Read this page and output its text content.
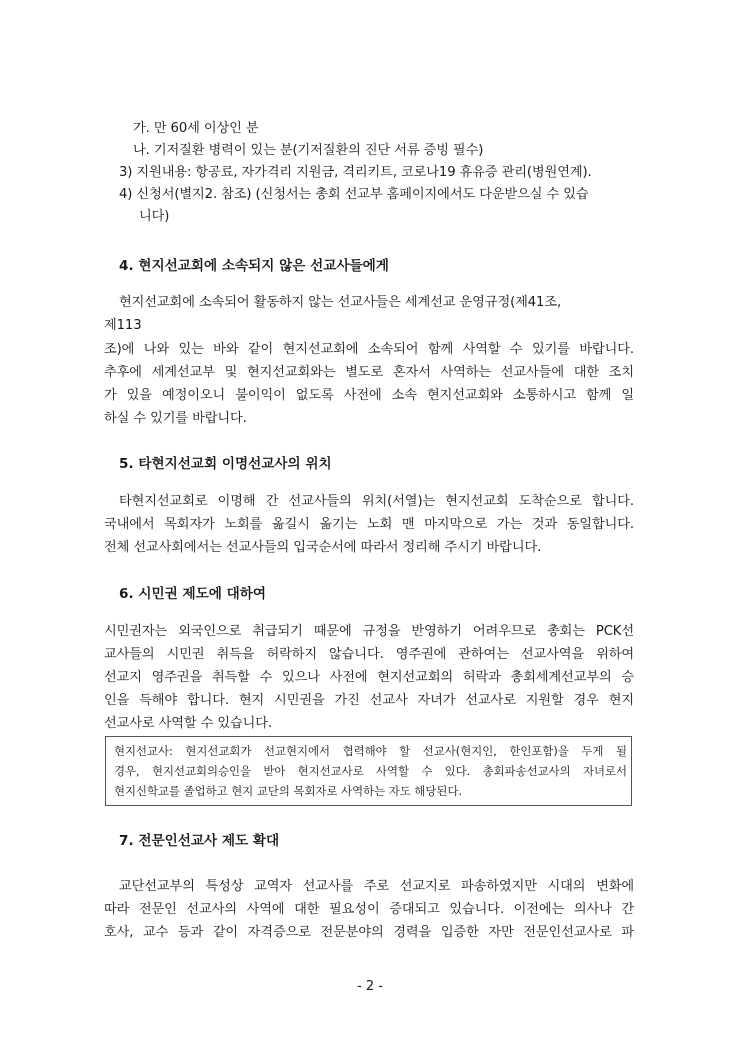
가. 만 60세 이상인 분
나. 기저질환 병력이 있는 분(기저질환의 진단 서류 증빙 필수)
3) 지원내용: 항공료, 자가격리 지원금, 격리키트, 코로나19 휴유증 관리(병원연계).
4) 신청서(별지2. 참조) (신청서는 총회 선교부 홈페이지에서도 다운받으실 수 있습
니다)
4. 현지선교회에 소속되지 않은 선교사들에게
현지선교회에 소속되어 활동하지 않는 선교사들은 세계선교 운영규정(제41조,
제113
조)에 나와 있는 바와 같이 현지선교회에 소속되어 함께 사역할 수 있기를 바랍니다.
추후에 세계선교부 및 현지선교회와는 별도로 혼자서 사역하는 선교사들에 대한 조치
가 있을 예정이오니 불이익이 없도록 사전에 소속 현지선교회와 소통하시고 함께 일
하실 수 있기를 바랍니다.
5. 타현지선교회 이명선교사의 위치
타현지선교회로 이명해 간 선교사들의 위치(서열)는 현지선교회 도착순으로 합니다.
국내에서 목회자가 노회를 옮길시 옮기는 노회 맨 마지막으로 가는 것과 동일합니다.
전체 선교사회에서는 선교사들의 입국순서에 따라서 정리해 주시기 바랍니다.
6. 시민권 제도에 대하여
시민권자는 외국인으로 취급되기 때문에 규정을 반영하기 어려우므로 총회는 PCK선
교사들의 시민권 취득을 허락하지 않습니다. 영주권에 관하여는 선교사역을 위하여
선교지 영주권을 취득할 수 있으나 사전에 현지선교회의 허락과 총회세계선교부의 승
인을 득해야 합니다. 현지 시민권을 가진 선교사 자녀가 선교사로 지원할 경우 현지
선교사로 사역할 수 있습니다.
현지선교사: 현지선교회가 선교현지에서 협력해야 할 선교사(현지인, 한인포함)을 두게 될
경우, 현지선교회의승인을 받아 현지선교사로 사역할 수 있다. 총회파송선교사의 자녀로서
현지신학교를 졸업하고 현지 교단의 목회자로 사역하는 자도 해당된다.
7. 전문인선교사 제도 확대
교단선교부의 특성상 교역자 선교사를 주로 선교지로 파송하였지만 시대의 변화에
따라 전문인 선교사의 사역에 대한 필요성이 증대되고 있습니다. 이전에는 의사나 간
호사, 교수 등과 같이 자격증으로 전문분야의 경력을 입증한 자만 전문인선교사로 파
- 2 -
